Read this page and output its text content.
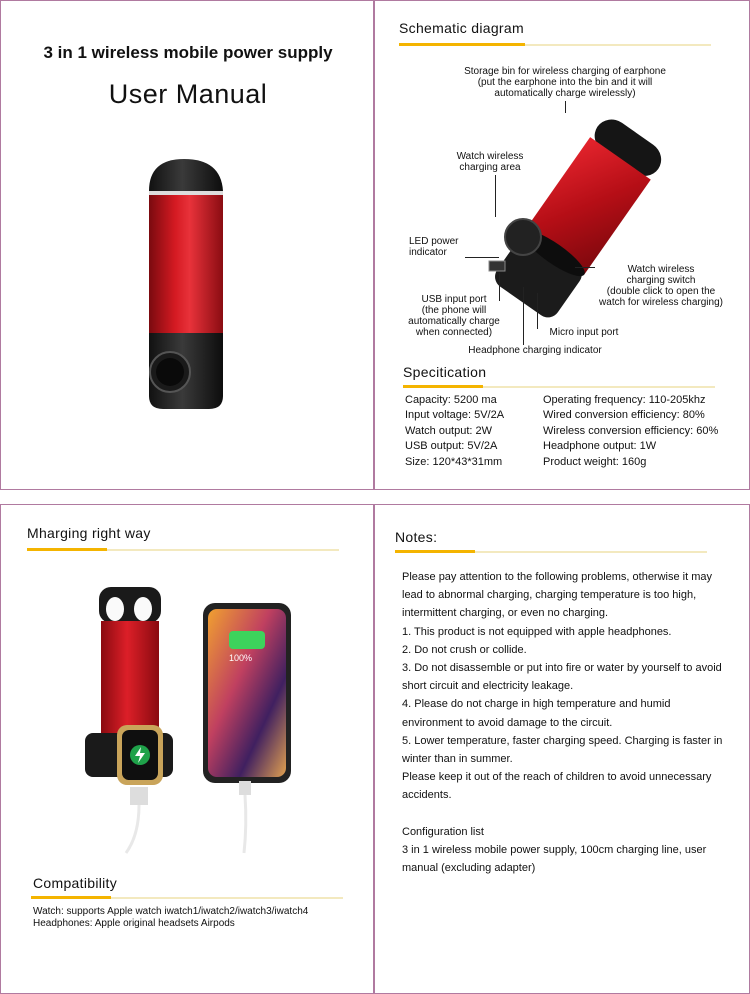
3 in 1 wireless mobile power supply
User Manual
Schematic diagram
Storage bin for wireless charging of earphone
(put the earphone into the bin and it will
automatically charge wirelessly)
Watch wireless
charging area
LED power
indicator
Watch wireless
charging switch
(double click to open the
watch for wireless charging)
USB input port
(the phone will
automatically charge
when connected)	Micro input port
Headphone charging indicator
Specitication
Capacity: 5200 ma
Input voltage: 5V/2A
Watch output: 2W
USB output: 5V/2A
Size: 120*43*31mm
Operating frequency: 110-205khz
Wired conversion efficiency: 80%
Wireless conversion efficiency: 60%
Headphone output: 1W
Product weight: 160g
Mharging right way
100%
Compatibility
Watch: supports Apple watch iwatch1/iwatch2/iwatch3/iwatch4
Headphones: Apple original headsets Airpods
Notes:

Please pay attention to the following problems, otherwise it may lead to abnormal charging, charging temperature is too high, intermittent charging, or even no charging.

1. This product is not equipped with apple headphones.

2. Do not crush or collide.

3. Do not disassemble or put into fire or water by yourself to avoid short circuit and electricity leakage.

4. Please do not charge in high temperature and humid environment to avoid damage to the circuit.

5. Lower temperature, faster charging speed. Charging is faster in winter than in summer.

Please keep it out of the reach of children to avoid unnecessary accidents.

Configuration list

3 in 1 wireless mobile power supply, 100cm charging line, user manual (excluding adapter)
